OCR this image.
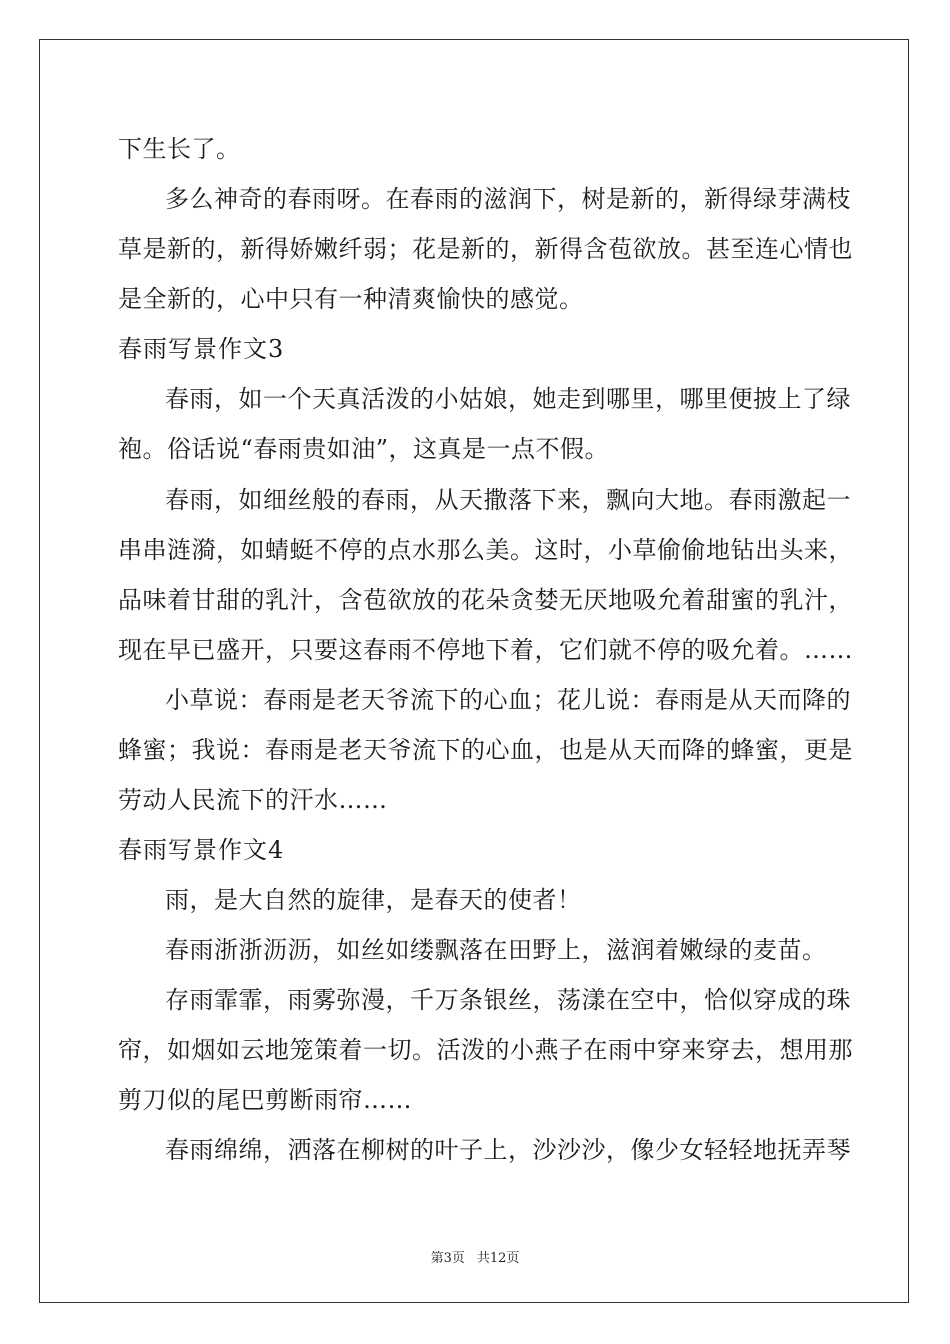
下生长了。

多么神奇的春雨呀。在春雨的滋润下，树是新的，新得绿芽满枝

草是新的，新得娇嫩纤弱；花是新的，新得含苞欲放。甚至连心情也

是全新的，心中只有一种清爽愉快的感觉。

春雨写景作文3

春雨，如一个天真活泼的小姑娘，她走到哪里，哪里便披上了绿

袍。俗话说“春雨贵如油”，这真是一点不假。

春雨，如细丝般的春雨，从天撒落下来，飘向大地。春雨激起一

串串涟漪，如蜻蜓不停的点水那么美。这时，小草偷偷地钻出头来，

品味着甘甜的乳汁，含苞欲放的花朵贪婪无厌地吸允着甜蜜的乳汁，

现在早已盛开，只要这春雨不停地下着，它们就不停的吸允着。……

小草说：春雨是老天爷流下的心血；花儿说：春雨是从天而降的

蜂蜜；我说：春雨是老天爷流下的心血，也是从天而降的蜂蜜，更是

劳动人民流下的汗水……

春雨写景作文4

雨，是大自然的旋律，是春天的使者！

春雨浙浙沥沥，如丝如缕飘落在田野上，滋润着嫩绿的麦苗。

存雨霏霏，雨雾弥漫，千万条银丝，荡漾在空中，恰似穿成的珠

帘，如烟如云地笼策着一切。活泼的小燕子在雨中穿来穿去，想用那

剪刀似的尾巴剪断雨帘……

春雨绵绵，洒落在柳树的叶子上，沙沙沙，像少女轻轻地抚弄琴

第3页 共12页
